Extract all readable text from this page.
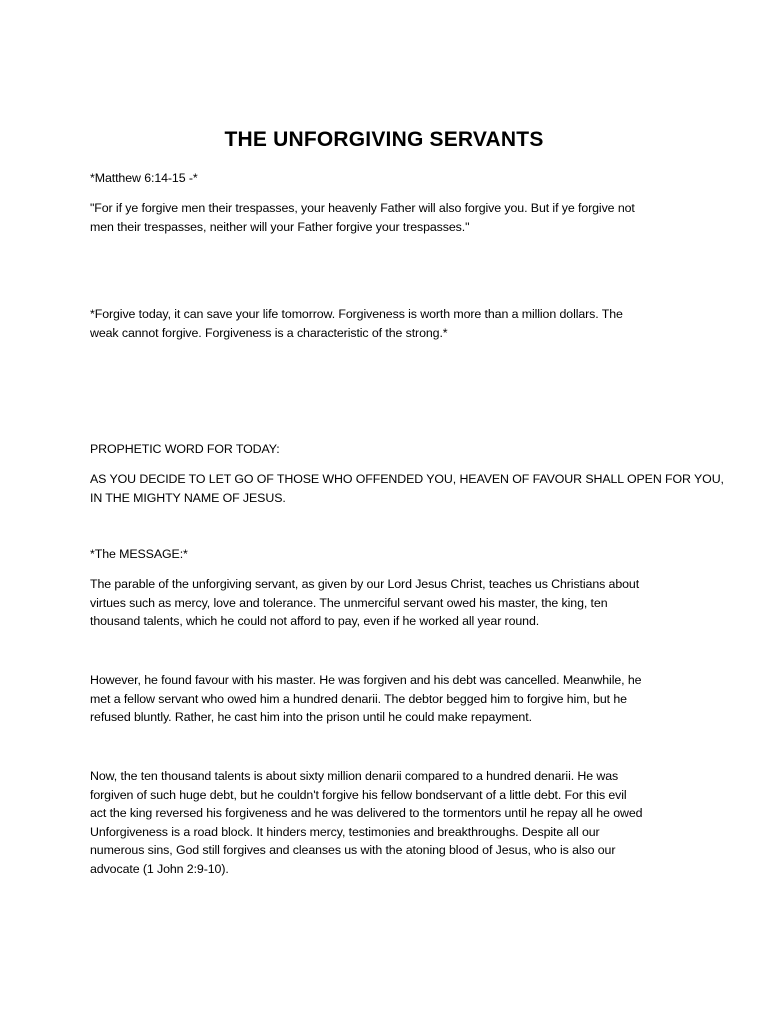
THE UNFORGIVING SERVANTS

*Matthew 6:14-15 -*

"For if ye forgive men their trespasses, your heavenly Father will also forgive you. But if ye forgive not
men their trespasses, neither will your Father forgive your trespasses."

*Forgive today, it can save your life tomorrow. Forgiveness is worth more than a million dollars. The
weak cannot forgive. Forgiveness is a characteristic of the strong.*

PROPHETIC WORD FOR TODAY:

AS YOU DECIDE TO LET GO OF THOSE WHO OFFENDED YOU, HEAVEN OF FAVOUR SHALL OPEN FOR YOU,
IN THE MIGHTY NAME OF JESUS.

*The MESSAGE:*

The parable of the unforgiving servant, as given by our Lord Jesus Christ, teaches us Christians about
virtues such as mercy, love and tolerance. The unmerciful servant owed his master, the king, ten
thousand talents, which he could not afford to pay, even if he worked all year round.

However, he found favour with his master. He was forgiven and his debt was cancelled. Meanwhile, he
met a fellow servant who owed him a hundred denarii. The debtor begged him to forgive him, but he
refused bluntly. Rather, he cast him into the prison until he could make repayment.

Now, the ten thousand talents is about sixty million denarii compared to a hundred denarii. He was
forgiven of such huge debt, but he couldn't forgive his fellow bondservant of a little debt. For this evil
act the king reversed his forgiveness and he was delivered to the tormentors until he repay all he owed
Unforgiveness is a road block. It hinders mercy, testimonies and breakthroughs. Despite all our
numerous sins, God still forgives and cleanses us with the atoning blood of Jesus, who is also our
advocate (1 John 2:9-10).
